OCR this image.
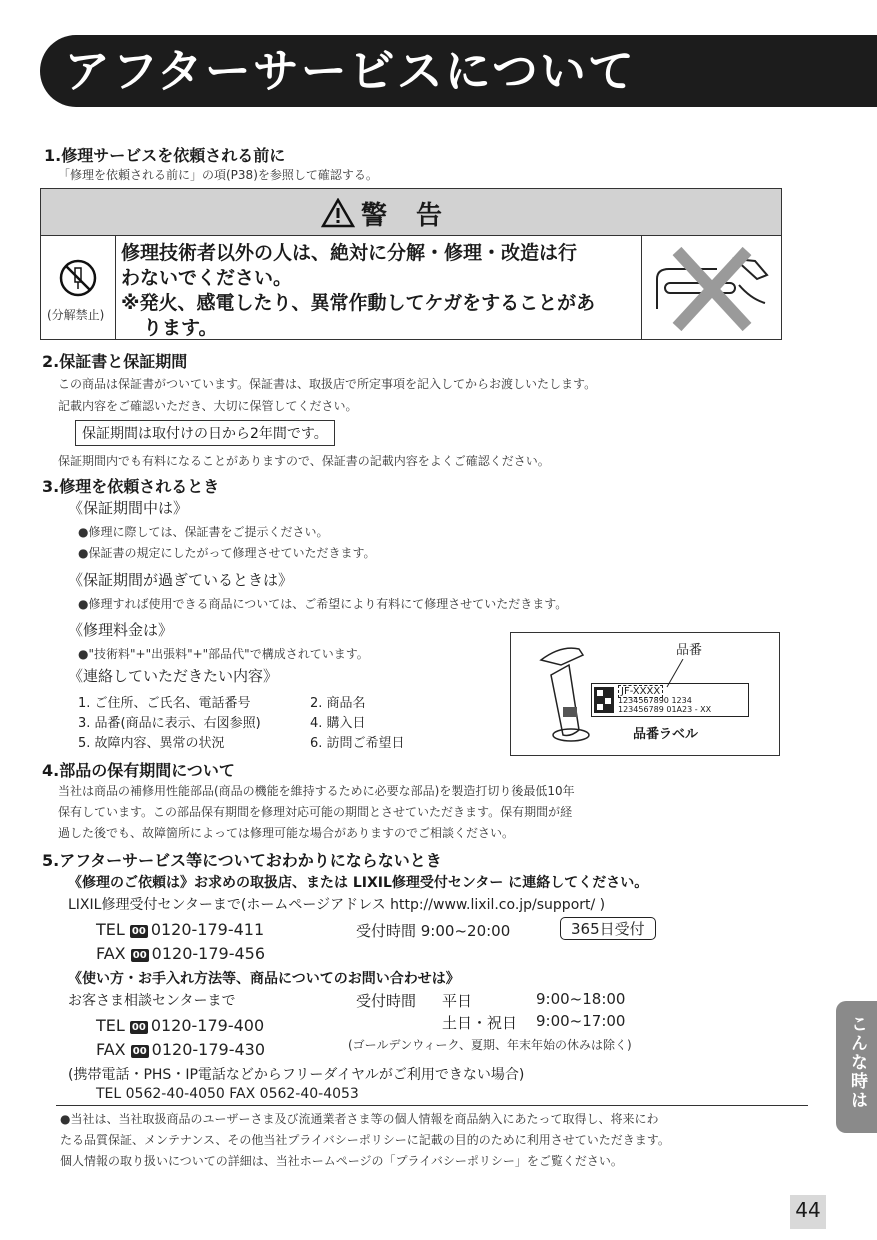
アフターサービスについて
1.修理サービスを依頼される前に
「修理を依頼される前に」の項(P38)を参照して確認する。
警 告
(分解禁止)
修理技術者以外の人は、絶対に分解・修理・改造は行
わないでください。
※発火、感電したり、異常作動してケガをすることがあ
ります。
2.保証書と保証期間
この商品は保証書がついています。保証書は、取扱店で所定事項を記入してからお渡しいたします。
記載内容をご確認いただき、大切に保管してください。
保証期間は取付けの日から2年間です。
保証期間内でも有料になることがありますので、保証書の記載内容をよくご確認ください。
3.修理を依頼されるとき
《保証期間中は》
●修理に際しては、保証書をご提示ください。
●保証書の規定にしたがって修理させていただきます。
《保証期間が過ぎているときは》
●修理すれば使用できる商品については、ご希望により有料にて修理させていただきます。
《修理料金は》
●"技術料"+"出張料"+"部品代"で構成されています。
《連絡していただきたい内容》
1. ご住所、ご氏名、電話番号	2. 商品名
3. 品番(商品に表示、右図参照)	4. 購入日
5. 故障内容、異常の状況	6. 訪問ご希望日
品番
JF-XXXX
1234567890 1234
123456789 01A23 - XX
品番ラベル
4.部品の保有期間について
当社は商品の補修用性能部品(商品の機能を維持するために必要な部品)を製造打切り後最低10年
保有しています。この部品保有期間を修理対応可能の期間とさせていただきます。保有期間が経
過した後でも、故障箇所によっては修理可能な場合がありますのでご相談ください。
5.アフターサービス等についておわかりにならないとき
《修理のご依頼は》お求めの取扱店、または LIXIL修理受付センター に連絡してください。
LIXIL修理受付センターまで(ホームページアドレス http://www.lixil.co.jp/support/ )
TEL 00 0120-179-411
FAX 00 0120-179-456
受付時間 9:00~20:00	365日受付
《使い方・お手入れ方法等、商品についてのお問い合わせは》
お客さま相談センターまで	受付時間 平日	9:00~18:00
土日・祝日 9:00~17:00
TEL 00 0120-179-400
FAX 00 0120-179-430	(ゴールデンウィーク、夏期、年末年始の休みは除く)
(携帯電話・PHS・IP電話などからフリーダイヤルがご利用できない場合)
TEL 0562-40-4050 FAX 0562-40-4053
●当社は、当社取扱商品のユーザーさま及び流通業者さま等の個人情報を商品納入にあたって取得し、将来にわ
たる品質保証、メンテナンス、その他当社プライバシーポリシーに記載の目的のために利用させていただきます。
個人情報の取り扱いについての詳細は、当社ホームページの「プライバシーポリシー」をご覧ください。
こんな時は
44
